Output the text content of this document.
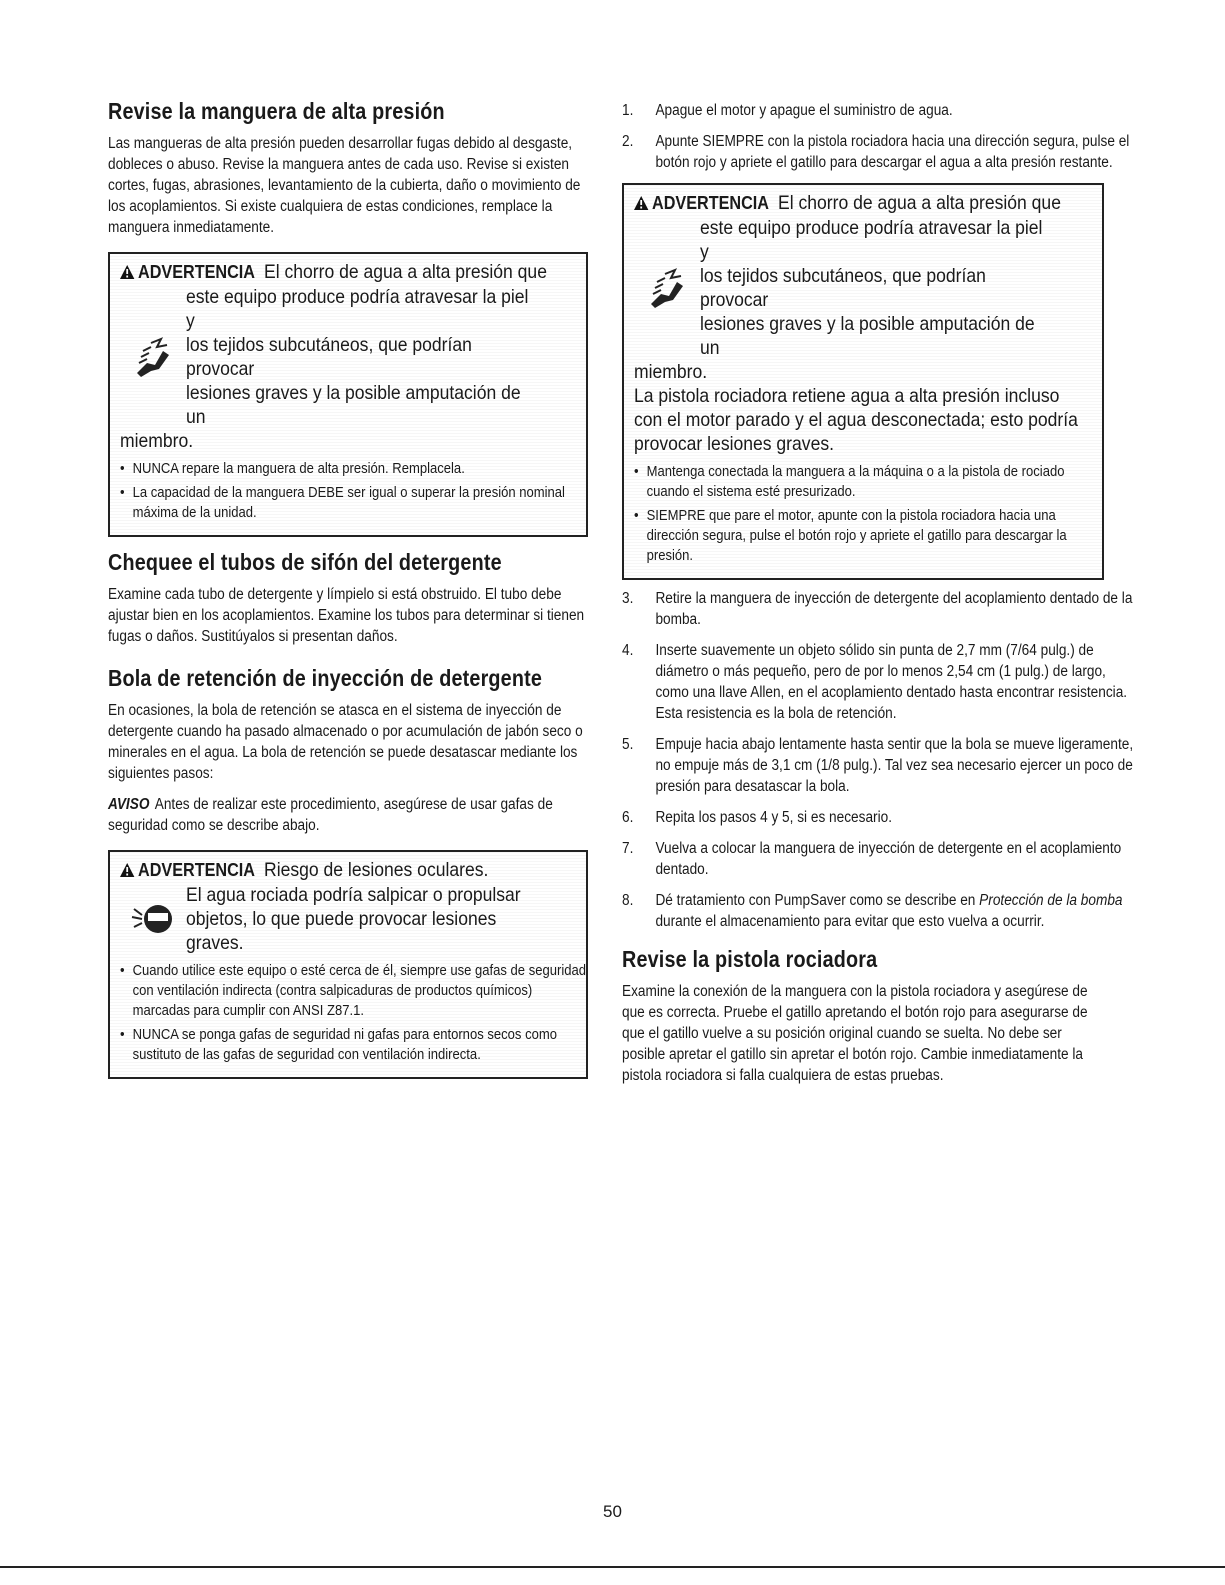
Revise la manguera de alta presión

Las mangueras de alta presión pueden desarrollar fugas debido al desgaste, dobleces o abuso. Revise la manguera antes de cada uso. Revise si existen cortes, fugas, abrasiones, levantamiento de la cubierta, daño o movimiento de los acoplamientos. Si existe cualquiera de estas condiciones, remplace la manguera inmediatamente.

ADVERTENCIA El chorro de agua a alta presión que
este equipo produce podría atravesar la piel y
los tejidos subcutáneos, que podrían provocar
lesiones graves y la posible amputación de un
miembro.
• NUNCA repare la manguera de alta presión. Remplacela.
• La capacidad de la manguera DEBE ser igual o superar la presión nominal máxima de la unidad.
Chequee el tubos de sifón del detergente

Examine cada tubo de detergente y límpielo si está obstruido. El tubo debe ajustar bien en los acoplamientos. Examine los tubos para determinar si tienen fugas o daños. Sustitúyalos si presentan daños.

Bola de retención de inyección de detergente

En ocasiones, la bola de retención se atasca en el sistema de inyección de detergente cuando ha pasado almacenado o por acumulación de jabón seco o minerales en el agua. La bola de retención se puede desatascar mediante los siguientes pasos:

AVISO Antes de realizar este procedimiento, asegúrese de usar gafas de seguridad como se describe abajo.

ADVERTENCIA Riesgo de lesiones oculares.
El agua rociada podría salpicar o propulsar
objetos, lo que puede provocar lesiones graves.
• Cuando utilice este equipo o esté cerca de él, siempre use gafas de seguridad con ventilación indirecta (contra salpicaduras de productos químicos) marcadas para cumplir con ANSI Z87.1.
• NUNCA se ponga gafas de seguridad ni gafas para entornos secos como sustituto de las gafas de seguridad con ventilación indirecta.
1. Apague el motor y apague el suministro de agua.
2. Apunte SIEMPRE con la pistola rociadora hacia una dirección segura, pulse el botón rojo y apriete el gatillo para descargar el agua a alta presión restante.
ADVERTENCIA El chorro de agua a alta presión que
este equipo produce podría atravesar la piel y
los tejidos subcutáneos, que podrían provocar
lesiones graves y la posible amputación de un
miembro.
La pistola rociadora retiene agua a alta presión incluso con el motor parado y el agua desconectada; esto podría provocar lesiones graves.
• Mantenga conectada la manguera a la máquina o a la pistola de rociado cuando el sistema esté presurizado.
• SIEMPRE que pare el motor, apunte con la pistola rociadora hacia una dirección segura, pulse el botón rojo y apriete el gatillo para descargar la presión.
3. Retire la manguera de inyección de detergente del acoplamiento dentado de la bomba.
4. Inserte suavemente un objeto sólido sin punta de 2,7 mm (7/64 pulg.) de diámetro o más pequeño, pero de por lo menos 2,54 cm (1 pulg.) de largo, como una llave Allen, en el acoplamiento dentado hasta encontrar resistencia. Esta resistencia es la bola de retención.
5. Empuje hacia abajo lentamente hasta sentir que la bola se mueve ligeramente, no empuje más de 3,1 cm (1/8 pulg.). Tal vez sea necesario ejercer un poco de presión para desatascar la bola.
6. Repita los pasos 4 y 5, si es necesario.
7. Vuelva a colocar la manguera de inyección de detergente en el acoplamiento dentado.
8. Dé tratamiento con PumpSaver como se describe en Protección de la bomba durante el almacenamiento para evitar que esto vuelva a ocurrir.
Revise la pistola rociadora

Examine la conexión de la manguera con la pistola rociadora y asegúrese de que es correcta. Pruebe el gatillo apretando el botón rojo para asegurarse de que el gatillo vuelve a su posición original cuando se suelta. No debe ser posible apretar el gatillo sin apretar el botón rojo. Cambie inmediatamente la pistola rociadora si falla cualquiera de estas pruebas.

50
